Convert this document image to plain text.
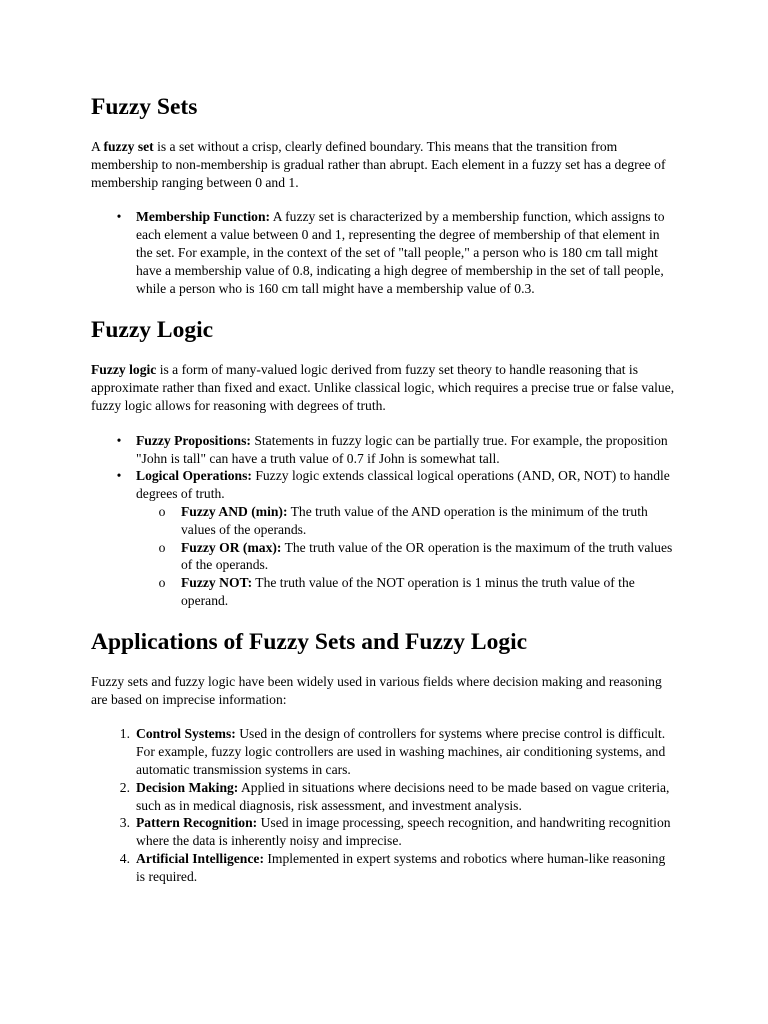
Fuzzy Sets

A fuzzy set is a set without a crisp, clearly defined boundary. This means that the transition from membership to non-membership is gradual rather than abrupt. Each element in a fuzzy set has a degree of membership ranging between 0 and 1.

• Membership Function: A fuzzy set is characterized by a membership function, which assigns to each element a value between 0 and 1, representing the degree of membership of that element in the set. For example, in the context of the set of "tall people," a person who is 180 cm tall might have a membership value of 0.8, indicating a high degree of membership in the set of tall people, while a person who is 160 cm tall might have a membership value of 0.3.
Fuzzy Logic

Fuzzy logic is a form of many-valued logic derived from fuzzy set theory to handle reasoning that is approximate rather than fixed and exact. Unlike classical logic, which requires a precise true or false value, fuzzy logic allows for reasoning with degrees of truth.

• Fuzzy Propositions: Statements in fuzzy logic can be partially true. For example, the proposition "John is tall" can have a truth value of 0.7 if John is somewhat tall.
• Logical Operations: Fuzzy logic extends classical logical operations (AND, OR, NOT) to handle degrees of truth.
o Fuzzy AND (min): The truth value of the AND operation is the minimum of the truth values of the operands.
o Fuzzy OR (max): The truth value of the OR operation is the maximum of the truth values of the operands.
o Fuzzy NOT: The truth value of the NOT operation is 1 minus the truth value of the operand.
Applications of Fuzzy Sets and Fuzzy Logic

Fuzzy sets and fuzzy logic have been widely used in various fields where decision making and reasoning are based on imprecise information:

1. Control Systems: Used in the design of controllers for systems where precise control is difficult. For example, fuzzy logic controllers are used in washing machines, air conditioning systems, and automatic transmission systems in cars.
2. Decision Making: Applied in situations where decisions need to be made based on vague criteria, such as in medical diagnosis, risk assessment, and investment analysis.
3. Pattern Recognition: Used in image processing, speech recognition, and handwriting recognition where the data is inherently noisy and imprecise.
4. Artificial Intelligence: Implemented in expert systems and robotics where human-like reasoning is required.
